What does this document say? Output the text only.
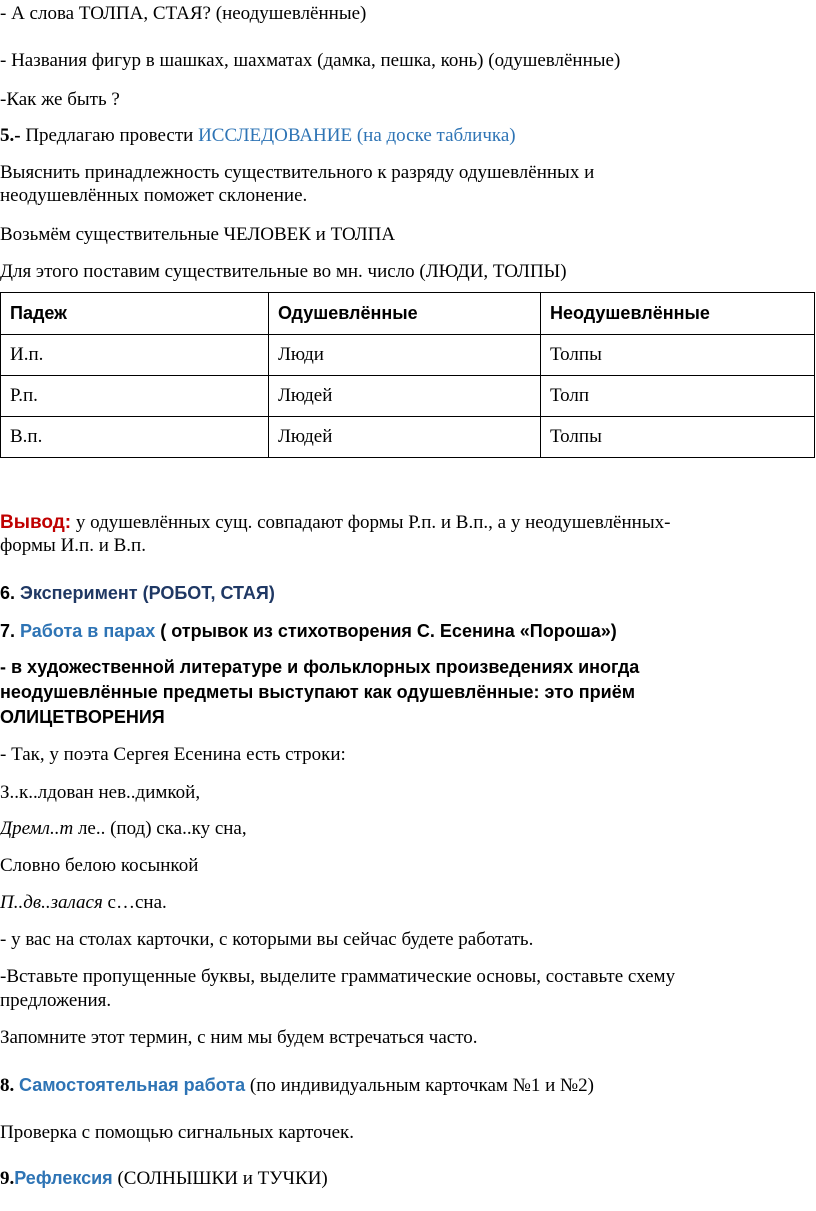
- А слова ТОЛПА, СТАЯ? (неодушевлённые)
- Названия фигур в шашках, шахматах (дамка, пешка, конь) (одушевлённые)
-Как же быть ?
5.- Предлагаю провести ИССЛЕДОВАНИЕ (на доске табличка)
Выяснить принадлежность существительного к разряду одушевлённых и
неодушевлённых поможет склонение.
Возьмём существительные ЧЕЛОВЕК и ТОЛПА
Для этого поставим существительные во мн. число (ЛЮДИ, ТОЛПЫ)
Падеж	Одушевлённые	Неодушевлённые
И.п.	Люди	Толпы
Р.п.	Людей	Толп
В.п.	Людей	Толпы
Вывод: у одушевлённых сущ. совпадают формы Р.п. и В.п., а у неодушевлённых-
формы И.п. и В.п.
6. Эксперимент (РОБОТ, СТАЯ)
7. Работа в парах ( отрывок из стихотворения С. Есенина «Пороша»)
- в художественной литературе и фольклорных произведениях иногда
неодушевлённые предметы выступают как одушевлённые: это приём
ОЛИЦЕТВОРЕНИЯ
- Так, у поэта Сергея Есенина есть строки:
З..к..лдован нев..димкой,
Дремл..т ле.. (под) ска..ку сна,
Словно белою косынкой
П..дв..залася с…сна.
- у вас на столах карточки, с которыми вы сейчас будете работать.
-Вставьте пропущенные буквы, выделите грамматические основы, составьте схему
предложения.
Запомните этот термин, с ним мы будем встречаться часто.
8. Самостоятельная работа (по индивидуальным карточкам №1 и №2)
Проверка с помощью сигнальных карточек.
9.Рефлексия (СОЛНЫШКИ и ТУЧКИ)
